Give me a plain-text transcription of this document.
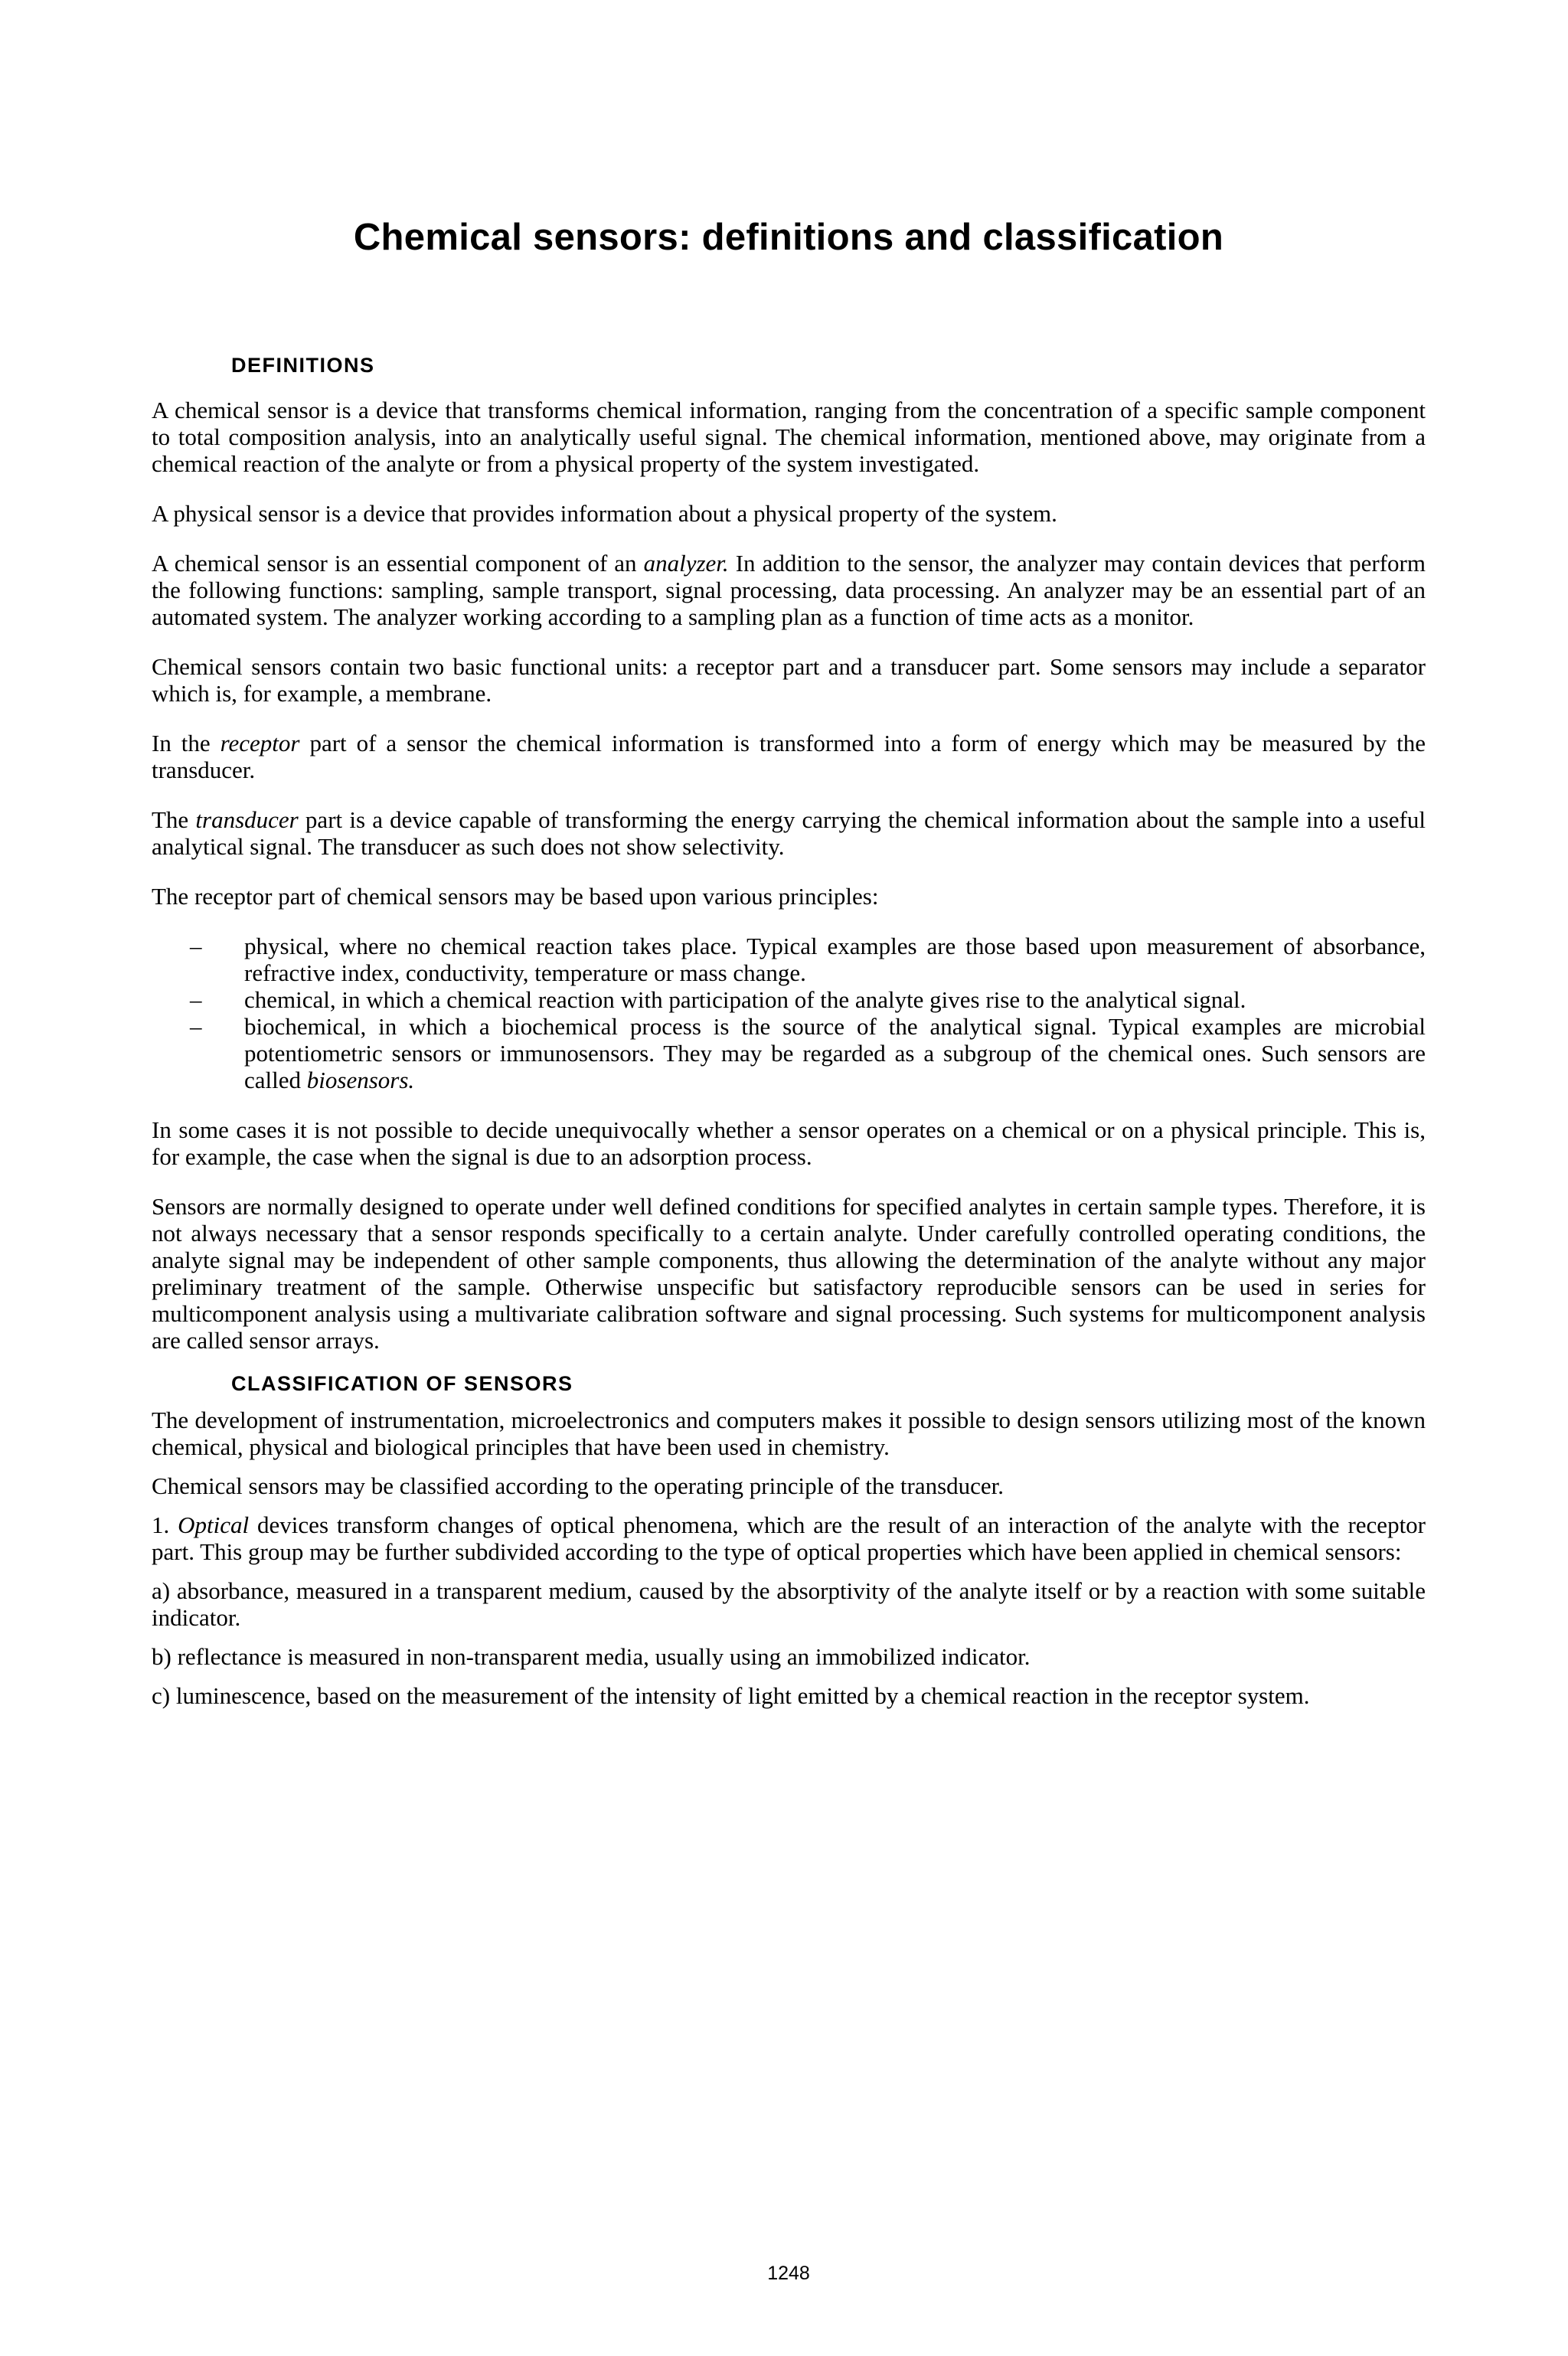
Chemical sensors: definitions and classification
DEFINITIONS

A chemical sensor is a device that transforms chemical information, ranging from the concentration of a specific sample component to total composition analysis, into an analytically useful signal. The chemical information, mentioned above, may originate from a chemical reaction of the analyte or from a physical property of the system investigated.

A physical sensor is a device that provides information about a physical property of the system.

A chemical sensor is an essential component of an analyzer. In addition to the sensor, the analyzer may contain devices that perform the following functions: sampling, sample transport, signal processing, data processing. An analyzer may be an essential part of an automated system. The analyzer working according to a sampling plan as a function of time acts as a monitor.

Chemical sensors contain two basic functional units: a receptor part and a transducer part. Some sensors may include a separator which is, for example, a membrane.

In the receptor part of a sensor the chemical information is transformed into a form of energy which may be measured by the transducer.

The transducer part is a device capable of transforming the energy carrying the chemical information about the sample into a useful analytical signal. The transducer as such does not show selectivity.

The receptor part of chemical sensors may be based upon various principles:

– physical, where no chemical reaction takes place. Typical examples are those based upon measurement of absorbance, refractive index, conductivity, temperature or mass change.
– chemical, in which a chemical reaction with participation of the analyte gives rise to the analytical signal.
– biochemical, in which a biochemical process is the source of the analytical signal. Typical examples are microbial potentiometric sensors or immunosensors. They may be regarded as a subgroup of the chemical ones. Such sensors are called biosensors.

In some cases it is not possible to decide unequivocally whether a sensor operates on a chemical or on a physical principle. This is, for example, the case when the signal is due to an adsorption process.

Sensors are normally designed to operate under well defined conditions for specified analytes in certain sample types. Therefore, it is not always necessary that a sensor responds specifically to a certain analyte. Under carefully controlled operating conditions, the analyte signal may be independent of other sample components, thus allowing the determination of the analyte without any major preliminary treatment of the sample. Otherwise unspecific but satisfactory reproducible sensors can be used in series for multicomponent analysis using a multivariate calibration software and signal processing. Such systems for multicomponent analysis are called sensor arrays.

CLASSIFICATION OF SENSORS

The development of instrumentation, microelectronics and computers makes it possible to design sensors utilizing most of the known chemical, physical and biological principles that have been used in chemistry.

Chemical sensors may be classified according to the operating principle of the transducer.

1. Optical devices transform changes of optical phenomena, which are the result of an interaction of the analyte with the receptor part. This group may be further subdivided according to the type of optical properties which have been applied in chemical sensors:

a) absorbance, measured in a transparent medium, caused by the absorptivity of the analyte itself or by a reaction with some suitable indicator.

b) reflectance is measured in non-transparent media, usually using an immobilized indicator.

c) luminescence, based on the measurement of the intensity of light emitted by a chemical reaction in the receptor system.

1248
